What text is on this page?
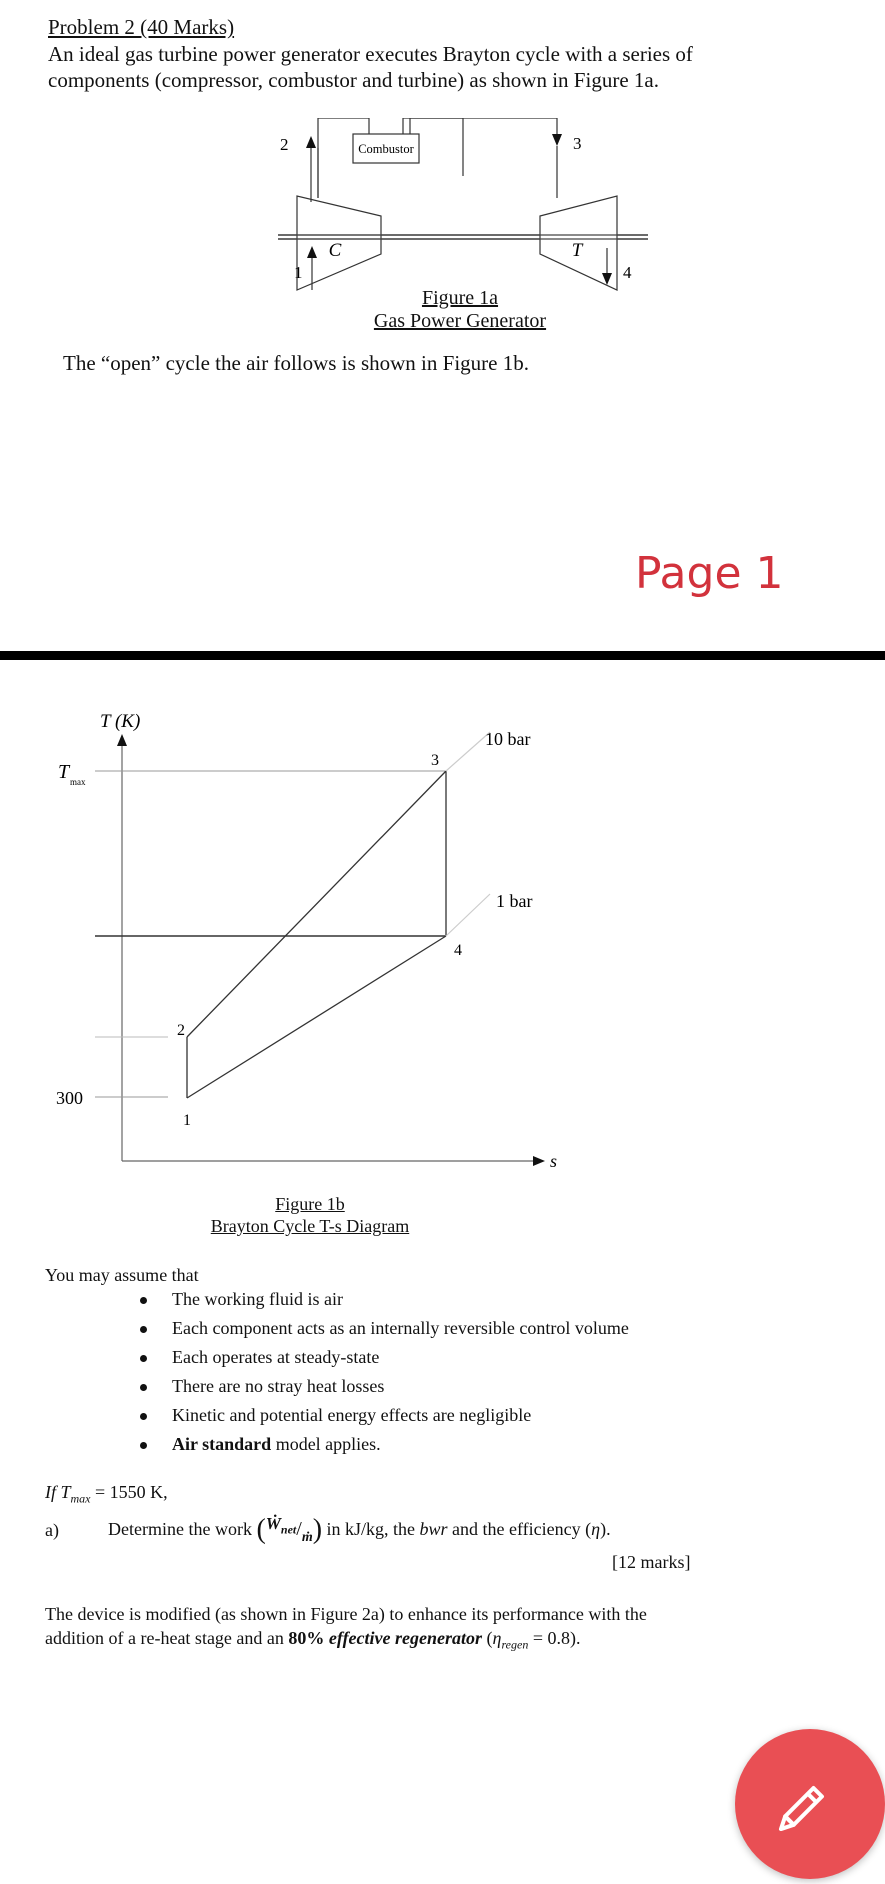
Problem 2 (40 Marks)
An ideal gas turbine power generator executes Brayton cycle with a series of
components (compressor, combustor and turbine) as shown in Figure 1a.
C	T
1
2	Combustor	3
4
Figure 1a
Gas Power Generator
The “open” cycle the air follows is shown in Figure 1b.
Page 1
T (K)
s
T max
300
10 bar
1 bar
1
2
3
4
Figure 1b
Brayton Cycle T-s Diagram
You may assume that
The working fluid is air
Each component acts as an internally reversible control volume
Each operates at steady-state
There are no stray heat losses
Kinetic and potential energy effects are negligible
Air standard model applies.
If $T_{max} = 1550$ K,
a)	Determine the work $(Ẇ_{net}/_ṁ)$ in kJ/kg, the bwr and the efficiency (η).
[12 marks]
The device is modified (as shown in Figure 2a) to enhance its performance with the
addition of a re-heat stage and an 80% effective regenerator $(\eta_{regen} = 0.8)$.
